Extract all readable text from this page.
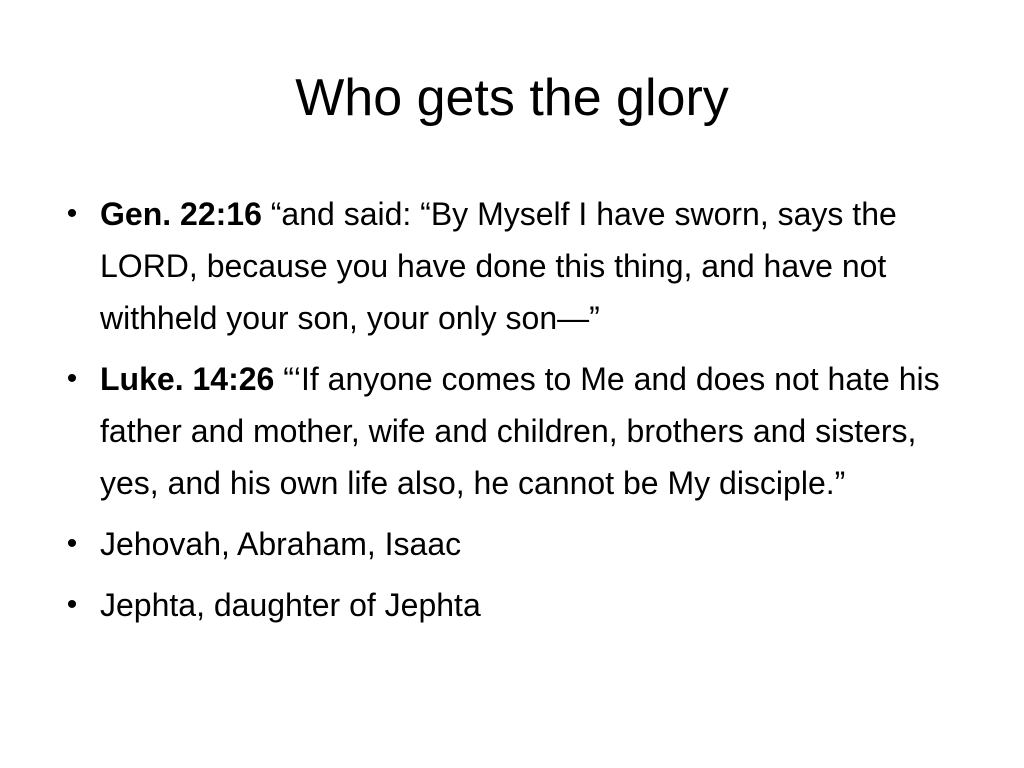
Who gets the glory
• Gen. 22:16 “and said: “By Myself I have sworn, says the LORD, because you have done this thing, and have not withheld your son, your only son—”
• Luke. 14:26 “‘If anyone comes to Me and does not hate his father and mother, wife and children, brothers and sisters, yes, and his own life also, he cannot be My disciple.”
• Jehovah, Abraham, Isaac
• Jephta, daughter of Jephta
